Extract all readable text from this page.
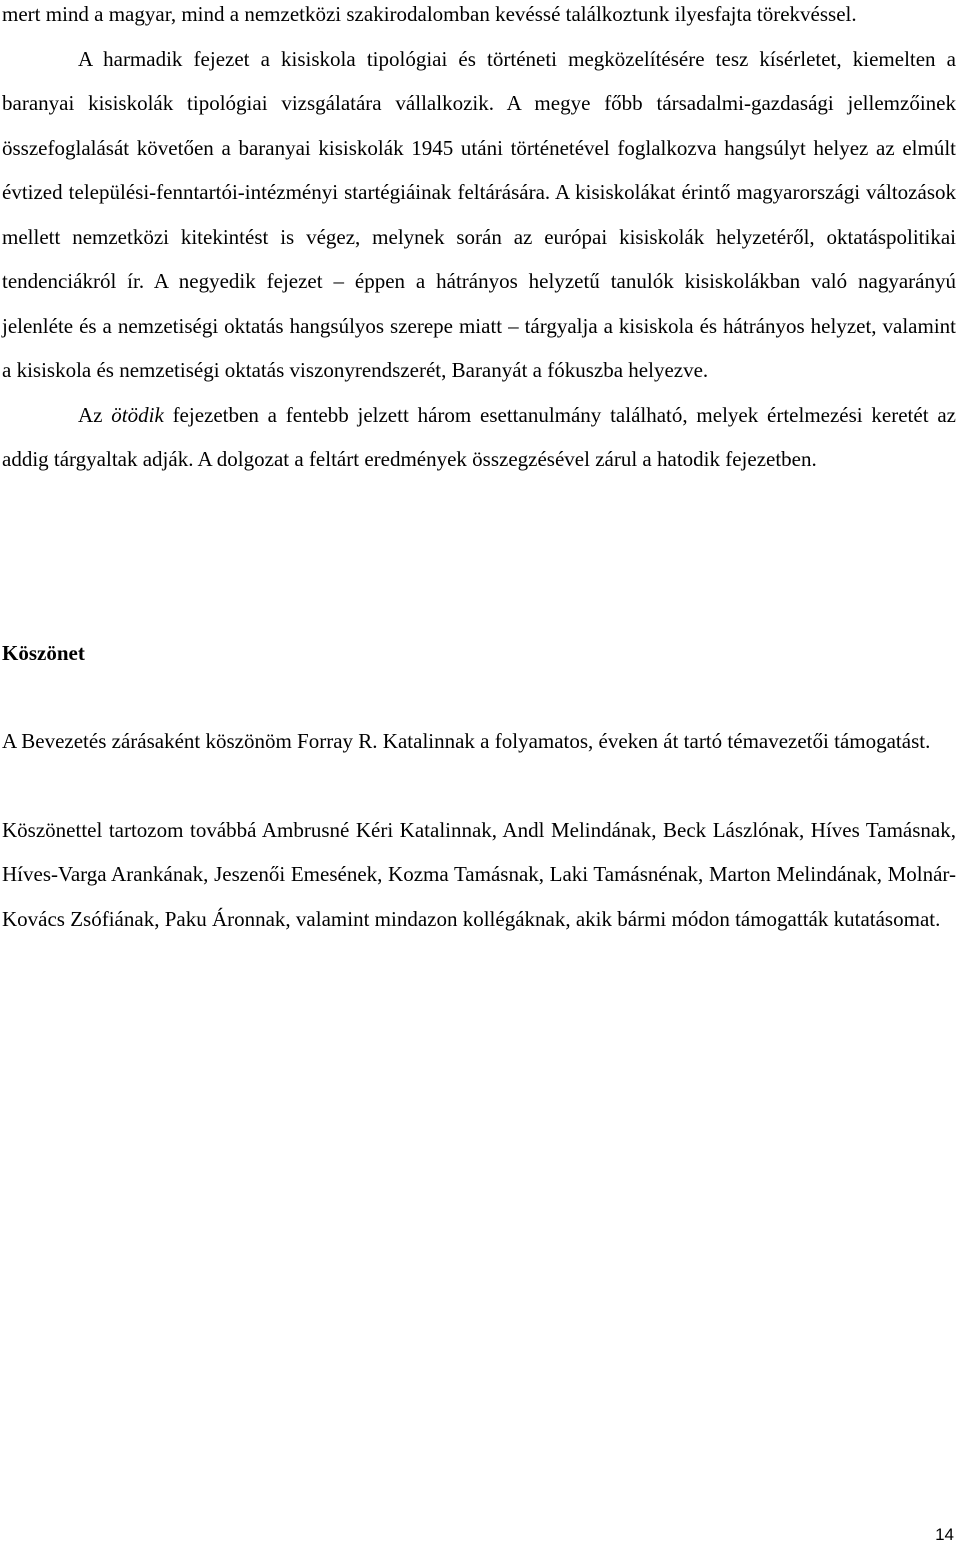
mert mind a magyar, mind a nemzetközi szakirodalomban kevéssé találkoztunk ilyesfajta törekvéssel.

A harmadik fejezet a kisiskola tipológiai és történeti megközelítésére tesz kísérletet, kiemelten a baranyai kisiskolák tipológiai vizsgálatára vállalkozik. A megye főbb társadalmi-gazdasági jellemzőinek összefoglalását követően a baranyai kisiskolák 1945 utáni történetével foglalkozva hangsúlyt helyez az elmúlt évtized települési-fenntartói-intézményi startégiáinak feltárására. A kisiskolákat érintő magyarországi változások mellett nemzetközi kitekintést is végez, melynek során az európai kisiskolák helyzetéről, oktatáspolitikai tendenciákról ír. A negyedik fejezet – éppen a hátrányos helyzetű tanulók kisiskolákban való nagyarányú jelenléte és a nemzetiségi oktatás hangsúlyos szerepe miatt – tárgyalja a kisiskola és hátrányos helyzet, valamint a kisiskola és nemzetiségi oktatás viszonyrendszerét, Baranyát a fókuszba helyezve.

Az ötödik fejezetben a fentebb jelzett három esettanulmány található, melyek értelmezési keretét az addig tárgyaltak adják. A dolgozat a feltárt eredmények összegzésével zárul a hatodik fejezetben.

Köszönet

A Bevezetés zárásaként köszönöm Forray R. Katalinnak a folyamatos, éveken át tartó témavezetői támogatást.

Köszönettel tartozom továbbá Ambrusné Kéri Katalinnak, Andl Melindának, Beck Lászlónak, Híves Tamásnak, Híves-Varga Arankának, Jeszenői Emesének, Kozma Tamásnak, Laki Tamásnénak, Marton Melindának, Molnár-Kovács Zsófiának, Paku Áronnak, valamint mindazon kollégáknak, akik bármi módon támogatták kutatásomat.

14
